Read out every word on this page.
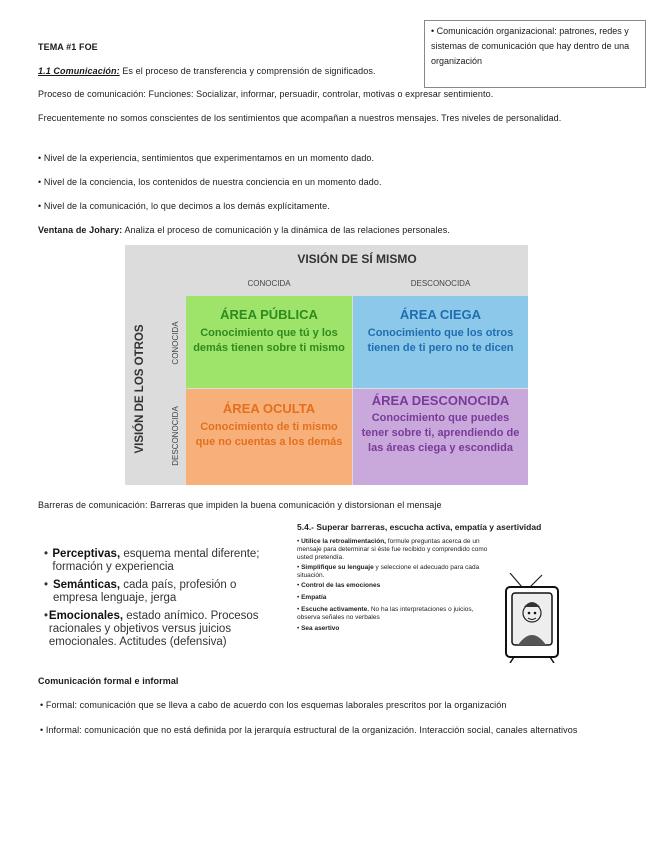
• Comunicación organizacional: patrones, redes y sistemas de comunicación que hay dentro de una organización
TEMA #1 FOE
1.1 Comunicación: Es el proceso de transferencia y comprensión de significados.
Proceso de comunicación: Funciones: Socializar, informar, persuadir, controlar, motivas o expresar sentimiento.
Frecuentemente no somos conscientes de los sentimientos que acompañan a nuestros mensajes. Tres niveles de personalidad.
• Nivel de la experiencia, sentimientos que experimentamos en un momento dado.
• Nivel de la conciencia, los contenidos de nuestra conciencia en un momento dado.
• Nivel de la comunicación, lo que decimos a los demás explícitamente.
Ventana de Johary: Analiza el proceso de comunicación y la dinámica de las relaciones personales.
VISIÓN DE SÍ MISMO
CONOCIDA	DESCONOCIDA
VISIÓN DE LOS OTROS	CONOCIDA
DESCONOCIDA
ÁREA PÚBLICA
Conocimiento que tú y los demás tienen sobre ti mismo
ÁREA CIEGA
Conocimiento que los otros tienen de ti pero no te dicen
ÁREA OCULTA
Conocimiento de ti mismo que no cuentas a los demás
ÁREA DESCONOCIDA
Conocimiento que puedes tener sobre ti, aprendiendo de las áreas ciega y escondida
Barreras de comunicación: Barreras que impiden la buena comunicación y distorsionan el mensaje
• Perceptivas, esquema mental diferente; formación y experiencia
• Semánticas, cada país, profesión o empresa lenguaje, jerga
• Emocionales, estado anímico. Procesos racionales y objetivos versus juicios emocionales. Actitudes (defensiva)
5.4.- Superar barreras, escucha activa, empatía y asertividad
• Utilice la retroalimentación, formule preguntas acerca de un mensaje para determinar si éste fue recibido y comprendido como usted pretendía.
• Simplifique su lenguaje y seleccione el adecuado para cada situación.
• Control de las emociones
• Empatía
• Escuche activamente. No ha las interpretaciones o juicios, observa señales no verbales
• Sea asertivo
Comunicación formal e informal
• Formal: comunicación que se lleva a cabo de acuerdo con los esquemas laborales prescritos por la organización
• Informal: comunicación que no está definida por la jerarquía estructural de la organización. Interacción social, canales alternativos
